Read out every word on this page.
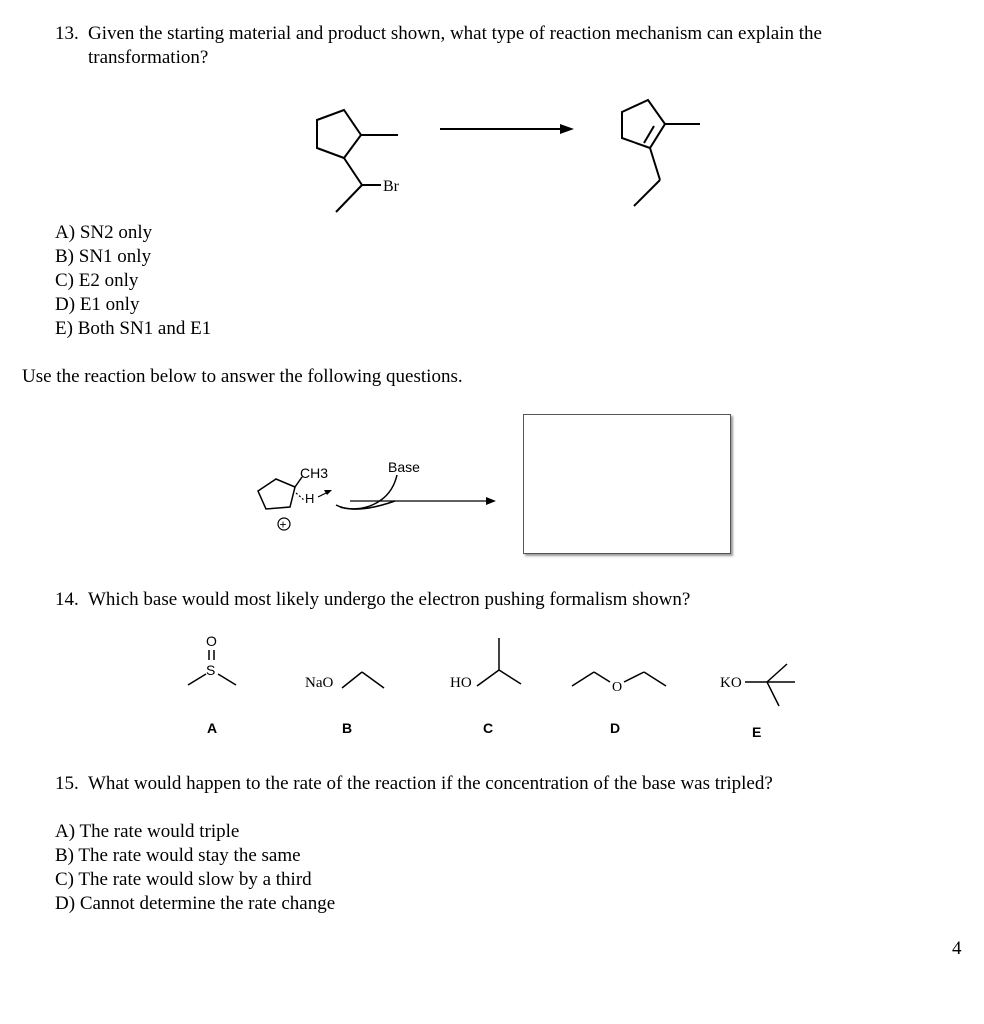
13. Given the starting material and product shown, what type of reaction mechanism can explain the
transformation?
Br
A) SN2 only
B) SN1 only
C) E2 only
D) E1 only
E) Both SN1 and E1
Use the reaction below to answer the following questions.
CH3
H
+
Base
14. Which base would most likely undergo the electron pushing formalism shown?
O
S
NaO	HO	O	KO
A	B	C	D	E
15. What would happen to the rate of the reaction if the concentration of the base was tripled?
A) The rate would triple
B) The rate would stay the same
C) The rate would slow by a third
D) Cannot determine the rate change
4
